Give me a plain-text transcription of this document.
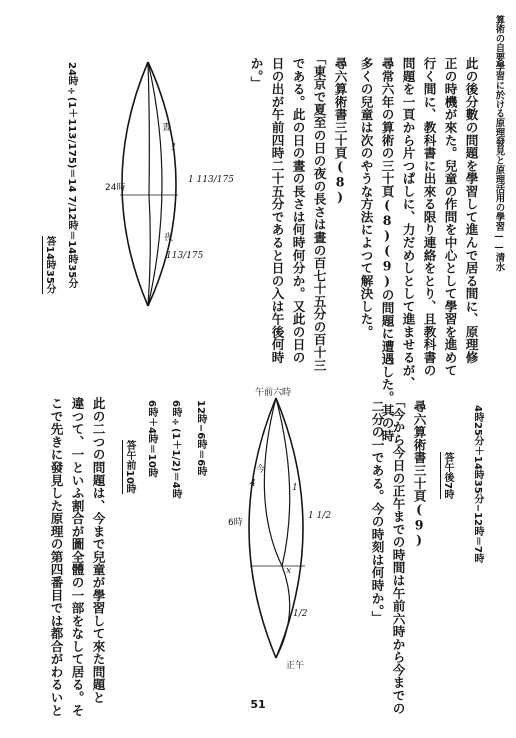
算術の自要學習に於ける原理發見と原理活用の學習——清水
此の後分數の問題を學習して進んで居る間に、原理修
正の時機が來た。兒童の作問を中心として學習を進めて
行く間に、教科書に出來る限り連絡をとり、且教科書の
問題を一頁から片つぱしに、力だめしとして進ませるが、
尋常六年の算術の三十頁(8)(9)の問題に遭遇した。其の時
多くの兒童は次のやうな方法によつて解決した。
尋六算術書三十頁(8)
「東京で夏至の日の夜の長さは晝の百七十五分の百十三
である。此の日の晝の長さは何時何分か。又此の日の
日の出が午前四時二十五分であると日の入は午後何時
か。」
4時25分＋14時35分−12時＝7時
答午後7時
尋六算術書三十頁(9)
「今から今日の正午までの時間は午前六時から今までの
二分の一である。今の時刻は何時か。」
12時−6時＝6時
6時÷(1＋1/2)＝4時
6時＋4時＝10時
答午前10時
此の二つの問題は、今まで兒童が學習して來た問題と
違つて、一といふ割合が圖全體の一部をなして居る。そ
こで先きに發見した原理の第四番目では都合がわるいと
晝
1
24時
1 113/175
夜
113/175
24時÷(1＋113/175)＝14 7/12時＝14時35分
答14時35分
午前六時
今
4
6時
1
1 1/2
x
1/2
正午
51
